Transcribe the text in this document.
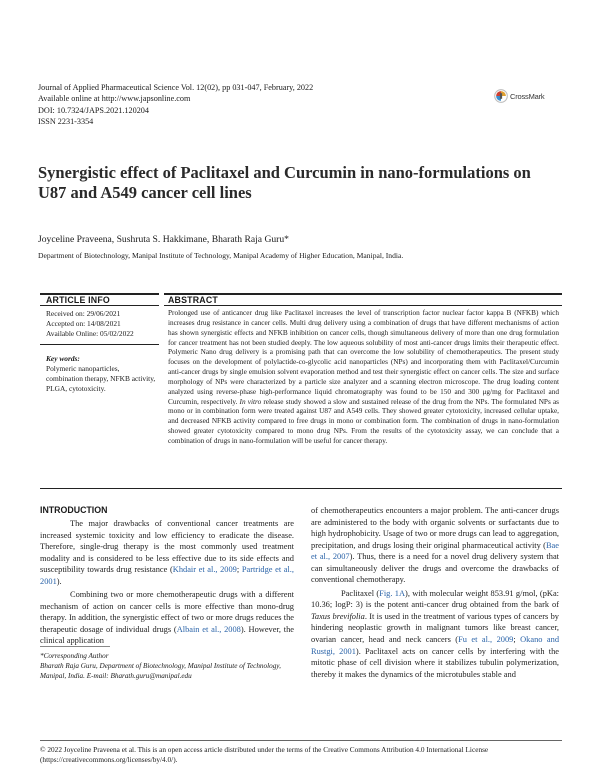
Journal of Applied Pharmaceutical Science Vol. 12(02), pp 031-047, February, 2022
Available online at http://www.japsonline.com
DOI: 10.7324/JAPS.2021.120204
ISSN 2231-3354
CrossMark
Synergistic effect of Paclitaxel and Curcumin in nano-formulations on U87 and A549 cancer cell lines
Joyceline Praveena, Sushruta S. Hakkimane, Bharath Raja Guru*
Department of Biotechnology, Manipal Institute of Technology, Manipal Academy of Higher Education, Manipal, India.
ARTICLE INFO	ABSTRACT
Received on: 29/06/2021
Accepted on: 14/08/2021
Available Online: 05/02/2022
Key words:
Polymeric nanoparticles, combination therapy, NFKB activity, PLGA, cytotoxicity.
Prolonged use of anticancer drug like Paclitaxel increases the level of transcription factor nuclear factor kappa B (NFKB) which increases drug resistance in cancer cells. Multi drug delivery using a combination of drugs that have different mechanisms of action has shown synergistic effects and NFKB inhibition on cancer cells, though simultaneous delivery of more than one drug formulation for cancer treatment has not been studied deeply. The low aqueous solubility of most anti-cancer drugs limits their therapeutic effect. Polymeric Nano drug delivery is a promising path that can overcome the low solubility of chemotherapeutics. The present study focuses on the development of polylactide-co-glycolic acid nanoparticles (NPs) and incorporating them with Paclitaxel/Curcumin anti-cancer drugs by single emulsion solvent evaporation method and test their synergistic effect on cancer cells. The size and surface morphology of NPs were characterized by a particle size analyzer and a scanning electron microscope. The drug loading content analyzed using reverse-phase high-performance liquid chromatography was found to be 150 and 300 μg/mg for Paclitaxel and Curcumin, respectively. In vitro release study showed a slow and sustained release of the drug from the NPs. The formulated NPs as mono or in combination form were treated against U87 and A549 cells. They showed greater cytotoxicity, increased cellular uptake, and decreased NFKB activity compared to free drugs in mono or combination form. The combination of drugs in nano-formulation showed greater cytotoxicity compared to mono drug NPs. From the results of the cytotoxicity assay, we can conclude that a combination of drugs in nano-formulation will be useful for cancer therapy.
INTRODUCTION

The major drawbacks of conventional cancer treatments are increased systemic toxicity and low efficiency to eradicate the disease. Therefore, single-drug therapy is the most commonly used treatment modality and is considered to be less effective due to its side effects and susceptibility towards drug resistance (Khdair et al., 2009; Partridge et al., 2001).

Combining two or more chemotherapeutic drugs with a different mechanism of action on cancer cells is more effective than mono-drug therapy. In addition, the synergistic effect of two or more drugs reduces the therapeutic dosage of individual drugs (Albain et al., 2008). However, the clinical application

of chemotherapeutics encounters a major problem. The anti-cancer drugs are administered to the body with organic solvents or surfactants due to high hydrophobicity. Usage of two or more drugs can lead to aggregation, precipitation, and drugs losing their original pharmaceutical activity (Bae et al., 2007). Thus, there is a need for a novel drug delivery system that can simultaneously deliver the drugs and overcome the drawbacks of conventional chemotherapy.

Paclitaxel (Fig. 1A), with molecular weight 853.91 g/mol, (pKa: 10.36; logP: 3) is the potent anti-cancer drug obtained from the bark of Taxus brevifolia. It is used in the treatment of various types of cancers by hindering neoplastic growth in malignant tumors like breast cancer, ovarian cancer, head and neck cancers (Fu et al., 2009; Okano and Rustgi, 2001). Paclitaxel acts on cancer cells by interfering with the mitotic phase of cell division where it stabilizes tubulin polymerization, thereby it makes the dynamics of the microtubules stable and

*Corresponding Author
Bharath Raja Guru, Department of Biotechnology, Manipal Institute of Technology, Manipal, India. E-mail: Bharath.guru@manipal.edu
© 2022 Joyceline Praveena et al. This is an open access article distributed under the terms of the Creative Commons Attribution 4.0 International License (https://creativecommons.org/licenses/by/4.0/).
